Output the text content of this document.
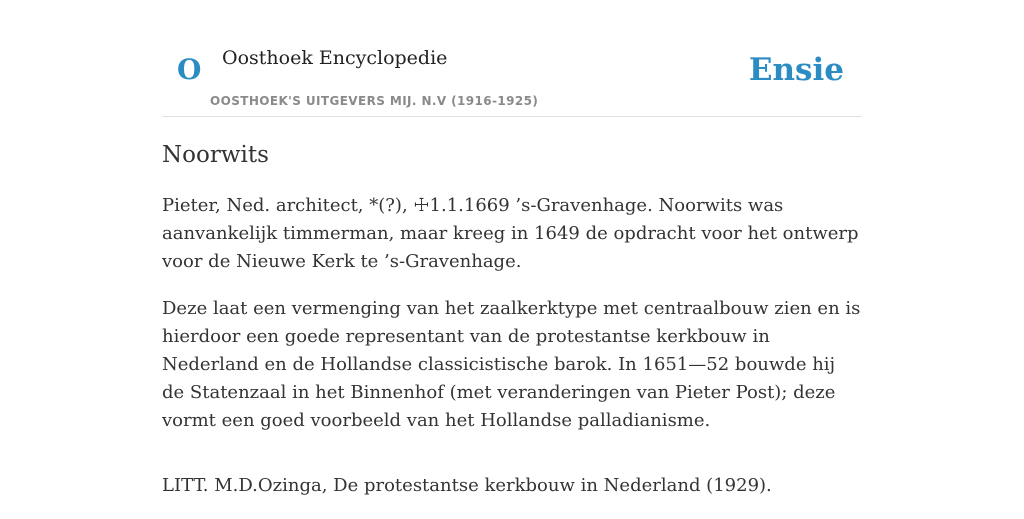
O Oosthoek Encyclopedie
OOSTHOEK'S UITGEVERS MIJ. N.V (1916-1925)
Ensie
Noorwits

Pieter, Ned. architect, *(?), ☩1.1.1669 ’s-Gravenhage. Noorwits was aanvankelijk timmerman, maar kreeg in 1649 de opdracht voor het ontwerp voor de Nieuwe Kerk te ’s-Gravenhage.

Deze laat een vermenging van het zaalkerktype met centraalbouw zien en is hierdoor een goede representant van de protestantse kerkbouw in Nederland en de Hollandse classicistische barok. In 1651—52 bouwde hij de Statenzaal in het Binnenhof (met veranderingen van Pieter Post); deze vormt een goed voorbeeld van het Hollandse palladianisme.

LITT. M.D.Ozinga, De protestantse kerkbouw in Nederland (1929).
